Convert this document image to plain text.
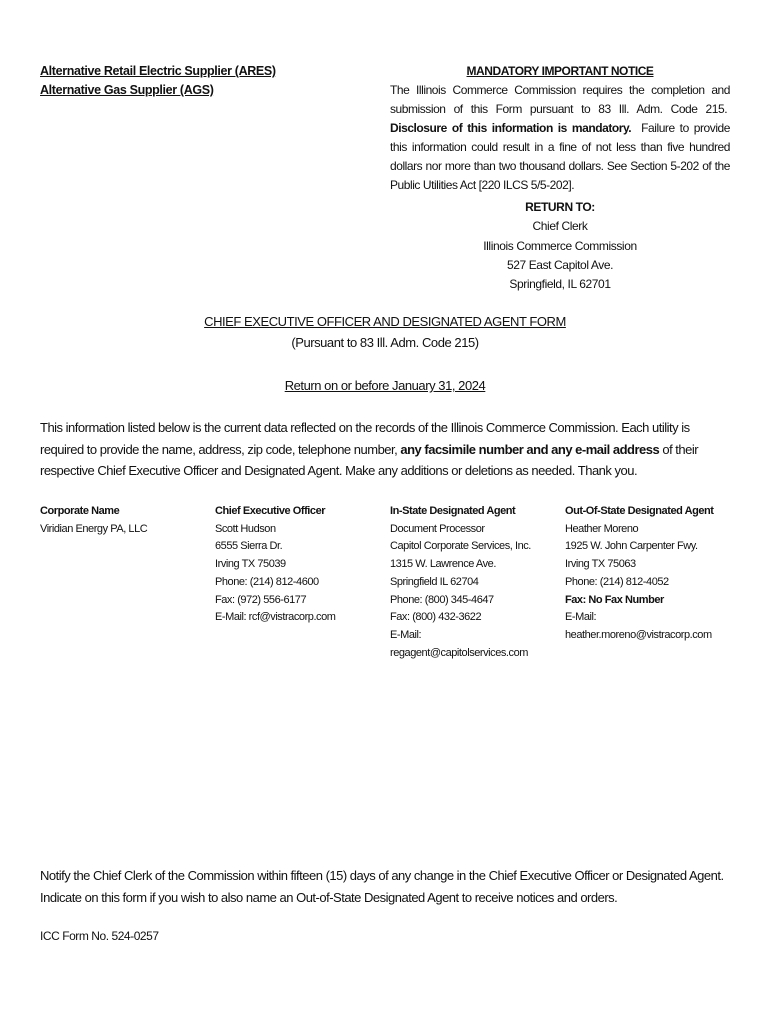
Alternative Retail Electric Supplier (ARES)
Alternative Gas Supplier (AGS)
MANDATORY IMPORTANT NOTICE
The Illinois Commerce Commission requires the completion and submission of this Form pursuant to 83 Ill. Adm. Code 215.  Disclosure of this information is mandatory. Failure to provide this information could result in a fine of not less than five hundred dollars nor more than two thousand dollars. See Section 5-202 of the Public Utilities Act [220 ILCS 5/5-202].
RETURN TO:
Chief Clerk
Illinois Commerce Commission
527 East Capitol Ave.
Springfield, IL 62701
CHIEF EXECUTIVE OFFICER AND DESIGNATED AGENT FORM
(Pursuant to 83 Ill. Adm. Code 215)
Return on or before January 31, 2024
This information listed below is the current data reflected on the records of the Illinois Commerce Commission. Each utility is required to provide the name, address, zip code, telephone number, any facsimile number and any e-mail address of their respective Chief Executive Officer and Designated Agent. Make any additions or deletions as needed. Thank you.
Corporate Name
Viridian Energy PA, LLC
Chief Executive Officer
Scott Hudson
6555 Sierra Dr.
Irving TX 75039
Phone: (214) 812-4600
Fax: (972) 556-6177
E-Mail: rcf@vistracorp.com
In-State Designated Agent
Document Processor
Capitol Corporate Services, Inc.
1315 W. Lawrence Ave.
Springfield IL 62704
Phone: (800) 345-4647
Fax: (800) 432-3622
E-Mail: regagent@capitolservices.com
Out-Of-State Designated Agent
Heather Moreno
1925 W. John Carpenter Fwy.
Irving TX 75063
Phone: (214) 812-4052
Fax: No Fax Number
E-Mail: heather.moreno@vistracorp.com
Notify the Chief Clerk of the Commission within fifteen (15) days of any change in the Chief Executive Officer or Designated Agent.
Indicate on this form if you wish to also name an Out-of-State Designated Agent to receive notices and orders.
ICC Form No. 524-0257
